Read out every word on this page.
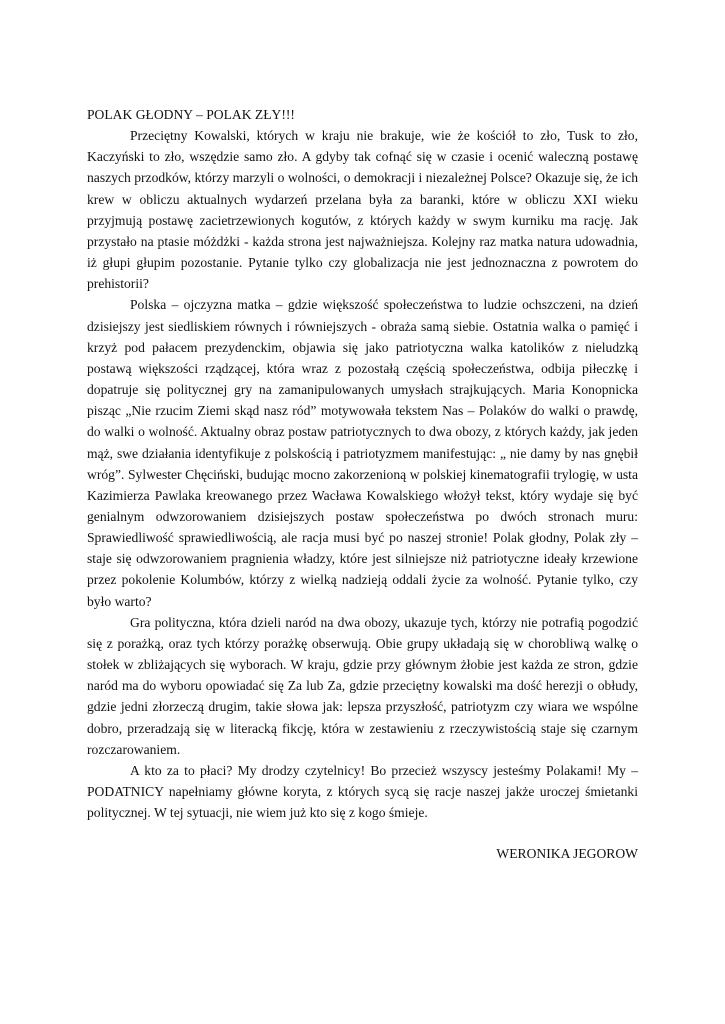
POLAK GŁODNY – POLAK ZŁY!!!

Przeciętny Kowalski, których w kraju nie brakuje, wie że kościół to zło, Tusk to zło, Kaczyński to zło, wszędzie samo zło. A gdyby tak cofnąć się w czasie i ocenić waleczną postawę naszych przodków, którzy marzyli o wolności, o demokracji i niezależnej Polsce? Okazuje się, że ich krew w obliczu aktualnych wydarzeń przelana była za baranki, które w obliczu XXI wieku przyjmują postawę zacietrzewionych kogutów, z których każdy w swym kurniku ma rację. Jak przystało na ptasie móżdżki - każda strona jest najważniejsza. Kolejny raz matka natura udowadnia, iż głupi głupim pozostanie. Pytanie tylko czy globalizacja nie jest jednoznaczna z powrotem do prehistorii?

Polska – ojczyzna matka – gdzie większość społeczeństwa to ludzie ochszczeni, na dzień dzisiejszy jest siedliskiem równych i równiejszych - obraża samą siebie. Ostatnia walka o pamięć i krzyż pod pałacem prezydenckim, objawia się jako patriotyczna walka katolików z nieludzką postawą większości rządzącej, która wraz z pozostałą częścią społeczeństwa, odbija piłeczkę i dopatruje się politycznej gry na zamanipulowanych umysłach strajkujących. Maria Konopnicka pisząc „Nie rzucim Ziemi skąd nasz ród” motywowała tekstem Nas – Polaków do walki o prawdę, do walki o wolność. Aktualny obraz postaw patriotycznych to dwa obozy, z których każdy, jak jeden mąż, swe działania identyfikuje z polskością i patriotyzmem manifestując: „ nie damy by nas gnębił wróg”. Sylwester Chęciński, budując mocno zakorzenioną w polskiej kinematografii trylogię, w usta Kazimierza Pawlaka kreowanego przez Wacława Kowalskiego włożył tekst, który wydaje się być genialnym odwzorowaniem dzisiejszych postaw społeczeństwa po dwóch stronach muru: Sprawiedliwość sprawiedliwością, ale racja musi być po naszej stronie! Polak głodny, Polak zły – staje się odwzorowaniem pragnienia władzy, które jest silniejsze niż patriotyczne ideały krzewione przez pokolenie Kolumbów, którzy z wielką nadzieją oddali życie za wolność. Pytanie tylko, czy było warto?

Gra polityczna, która dzieli naród na dwa obozy, ukazuje tych, którzy nie potrafią pogodzić się z porażką, oraz tych którzy porażkę obserwują. Obie grupy układają się w chorobliwą walkę o stołek w zbliżających się wyborach. W kraju, gdzie przy głównym żłobie jest każda ze stron, gdzie naród ma do wyboru opowiadać się Za lub Za, gdzie przeciętny kowalski ma dość herezji o obłudy, gdzie jedni złorzeczą drugim, takie słowa jak: lepsza przyszłość, patriotyzm czy wiara we wspólne dobro, przeradzają się w literacką fikcję, która w zestawieniu z rzeczywistością staje się czarnym rozczarowaniem.

A kto za to płaci? My drodzy czytelnicy! Bo przecież wszyscy jesteśmy Polakami! My – PODATNICY napełniamy główne koryta, z których sycą się racje naszej jakże uroczej śmietanki politycznej. W tej sytuacji, nie wiem już kto się z kogo śmieje.

WERONIKA JEGOROW
